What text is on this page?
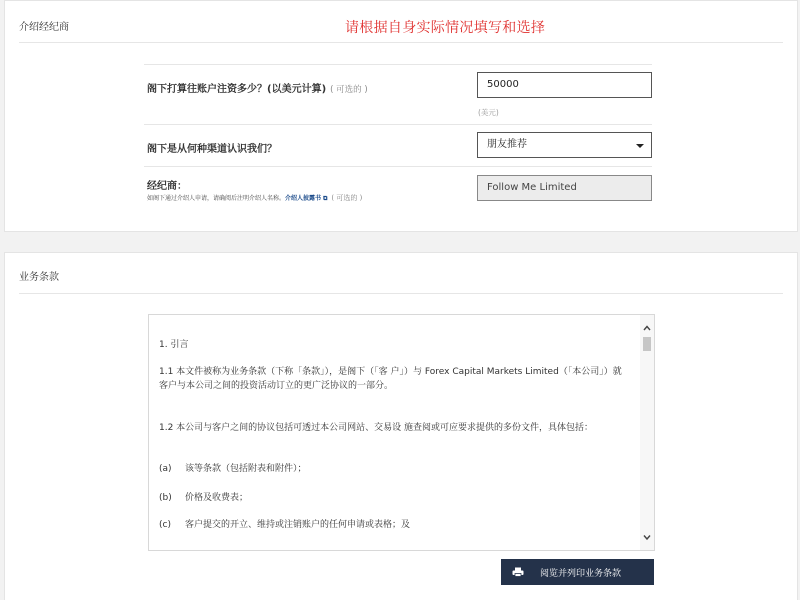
介绍经纪商	请根据自身实际情况填写和选择
阁下打算往账户注资多少？(以美元计算) ( 可选的 )	50000
(美元)
阁下是从何种渠道认识我们？	朋友推荐
经纪商：
如阁下通过介绍人申请，请确阅后注明介绍人名称。介绍人披露书 ⧉ ( 可选的 )
Follow Me Limited
业务条款

1. 引言

1.1 本文件被称为业务条款（下称「条款」），是阁下（「客 户」）与 Forex Capital Markets Limited（「本公司」）就 客户与本公司之间的投资活动订立的更广泛协议的一部分。

1.2 本公司与客户之间的协议包括可透过本公司网站、交易设 施查阅或可应要求提供的多份文件，具体包括：

(a) 该等条款（包括附表和附件）；

(b) 价格及收费表；

(c) 客户提交的开立、维持或注销账户的任何申请或表格；及

阅览并列印业务条款
